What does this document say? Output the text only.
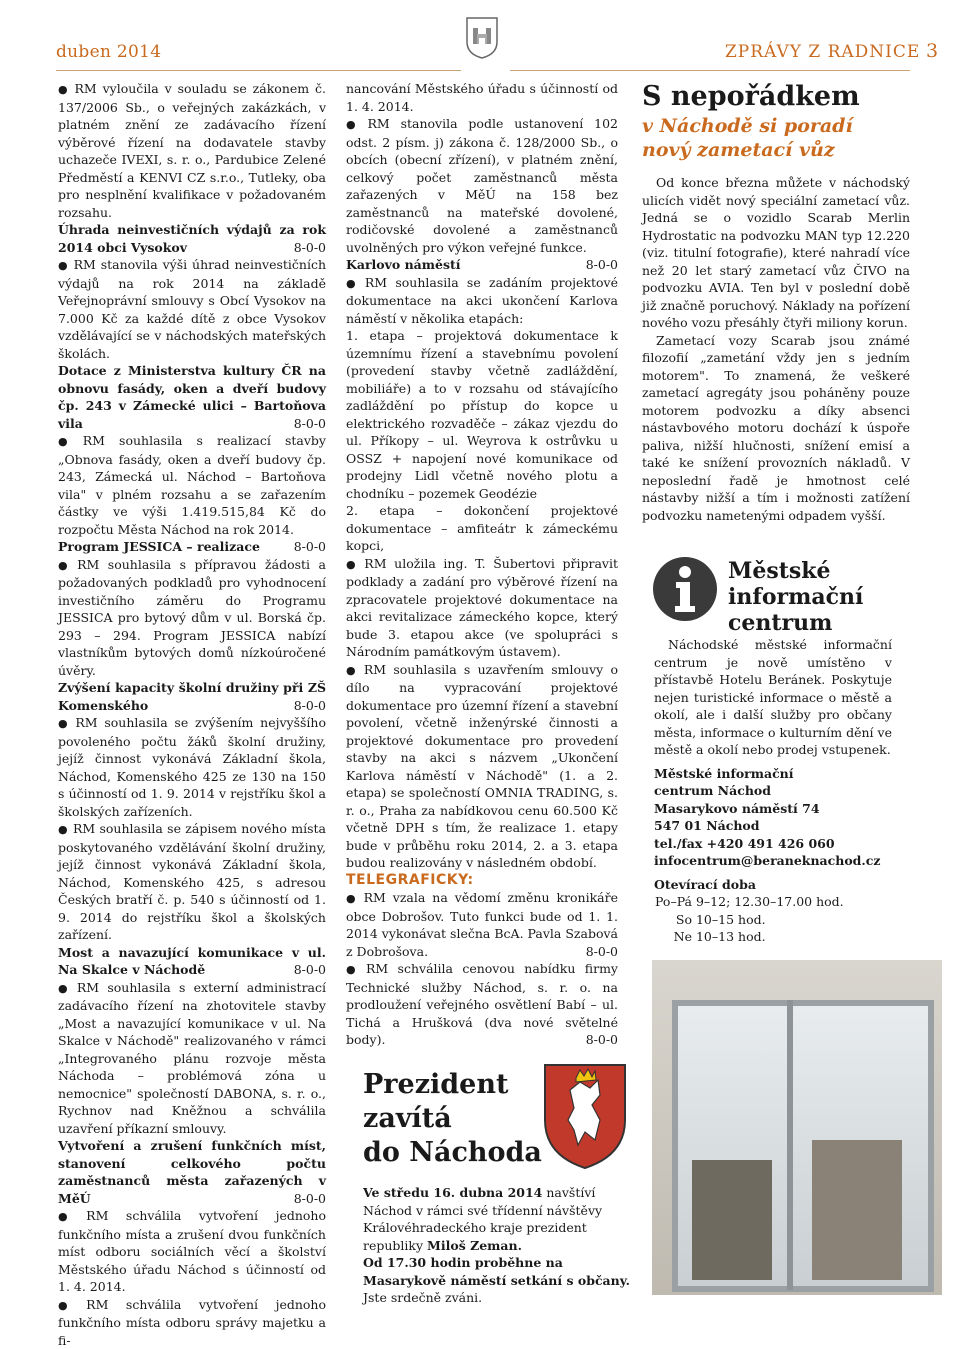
duben 2014	ZPRÁVY Z RADNICE 3

● RM vyloučila v souladu se zákonem č. 137/2006 Sb., o veřejných zakázkách, v platném znění ze zadávacího řízení výběrové řízení na dodavatele stavby uchazeče IVEXI, s. r. o., Pardubice Zelené Předměstí a KENVI CZ s.r.o., Tutleky, oba pro nesplnění kvalifikace v požadovaném rozsahu.

Úhrada neinvestičních výdajů za rok 2014 obci Vysokov	8-0-0

● RM stanovila výši úhrad neinvestičních výdajů na rok 2014 na základě Veřejnoprávní smlouvy s Obcí Vysokov na 7.000 Kč za každé dítě z obce Vysokov vzdělávající se v náchodských mateřských školách.

Dotace z Ministerstva kultury ČR na obnovu fasády, oken a dveří budovy čp. 243 v Zámecké ulici – Bartoňova vila	8-0-0

● RM souhlasila s realizací stavby „Obnova fasády, oken a dveří budovy čp. 243, Zámecká ul. Náchod – Bartoňova vila" v plném rozsahu a se zařazením částky ve výši 1.419.515,84 Kč do rozpočtu Města Náchod na rok 2014.

Program JESSICA – realizace	8-0-0

● RM souhlasila s přípravou žádosti a požadovaných podkladů pro vyhodnocení investičního záměru do Programu JESSICA pro bytový dům v ul. Borská čp. 293 – 294. Program JESSICA nabízí vlastníkům bytových domů nízkoúročené úvěry.

Zvýšení kapacity školní družiny při ZŠ Komenského	8-0-0

● RM souhlasila se zvýšením nejvyššího povoleného počtu žáků školní družiny, jejíž činnost vykonává Základní škola, Náchod, Komenského 425 ze 130 na 150 s účinností od 1. 9. 2014 v rejstříku škol a školských zařízeních.

● RM souhlasila se zápisem nového místa poskytovaného vzdělávání školní družiny, jejíž činnost vykonává Základní škola, Náchod, Komenského 425, s adresou Českých bratří č. p. 540 s účinností od 1. 9. 2014 do rejstříku škol a školských zařízení.

Most a navazující komunikace v ul. Na Skalce v Náchodě	8-0-0

● RM souhlasila s externí administrací zadávacího řízení na zhotovitele stavby „Most a navazující komunikace v ul. Na Skalce v Náchodě" realizovaného v rámci „Integrovaného plánu rozvoje města Náchoda – problémová zóna u nemocnice" společností DABONA, s. r. o., Rychnov nad Kněžnou a schválila uzavření příkazní smlouvy.

Vytvoření a zrušení funkčních míst, stanovení celkového počtu zaměstnanců města zařazených v MěÚ	8-0-0

● RM schválila vytvoření jednoho funkčního místa a zrušení dvou funkčních míst odboru sociálních věcí a školství Městského úřadu Náchod s účinností od 1. 4. 2014.

● RM schválila vytvoření jednoho funkčního místa odboru správy majetku a fi-

nancování Městského úřadu s účinností od 1. 4. 2014.

● RM stanovila podle ustanovení 102 odst. 2 písm. j) zákona č. 128/2000 Sb., o obcích (obecní zřízení), v platném znění, celkový počet zaměstnanců města zařazených v MěÚ na 158 bez zaměstnanců na mateřské dovolené, rodičovské dovolené a zaměstnanců uvolněných pro výkon veřejné funkce.

Karlovo náměstí	8-0-0

● RM souhlasila se zadáním projektové dokumentace na akci ukončení Karlova náměstí v několika etapách:

1. etapa – projektová dokumentace k územnímu řízení a stavebnímu povolení (provedení stavby včetně zadláždění, mobiliáře) a to v rozsahu od stávajícího zadláždění po přístup do kopce u elektrického rozvaděče – zákaz vjezdu do ul. Příkopy – ul. Weyrova k ostrůvku u OSSZ + napojení nové komunikace od prodejny Lidl včetně nového plotu a chodníku – pozemek Geodézie

2. etapa – dokončení projektové dokumentace – amfiteátr k zámeckému kopci,

● RM uložila ing. T. Šubertovi připravit podklady a zadání pro výběrové řízení na zpracovatele projektové dokumentace na akci revitalizace zámeckého kopce, který bude 3. etapou akce (ve spolupráci s Národním památkovým ústavem).

● RM souhlasila s uzavřením smlouvy o dílo na vypracování projektové dokumentace pro územní řízení a stavební povolení, včetně inženýrské činnosti a projektové dokumentace pro provedení stavby na akci s názvem „Ukončení Karlova náměstí v Náchodě" (1. a 2. etapa) se společností OMNIA TRADING, s. r. o., Praha za nabídkovou cenu 60.500 Kč včetně DPH s tím, že realizace 1. etapy bude v průběhu roku 2014, 2. a 3. etapa budou realizovány v následném období.

TELEGRAFICKY:

● RM vzala na vědomí změnu kronikáře obce Dobrošov. Tuto funkci bude od 1. 1. 2014 vykonávat slečna BcA. Pavla Szabová z Dobrošova.	8-0-0

● RM schválila cenovou nabídku firmy Technické služby Náchod, s. r. o. na prodloužení veřejného osvětlení Babí – ul. Tichá a Hrušková (dva nové světelné body).	8-0-0

Prezident
zavítá
do Náchoda

Ve středu 16. dubna 2014 navštíví Náchod v rámci své třídenní návštěvy Královéhradeckého kraje prezident republiky Miloš Zeman.

Od 17.30 hodin proběhne na Masarykově náměstí setkání s občany.

Jste srdečně zváni.

S nepořádkem
v Náchodě si poradí
nový zametací vůz

Od konce března můžete v náchodský ulicích vidět nový speciální zametací vůz. Jedná se o vozidlo Scarab Merlin Hydrostatic na podvozku MAN typ 12.220 (viz. titulní fotografie), které nahradí více než 20 let starý zametací vůz ČIVO na podvozku AVIA. Ten byl v poslední době již značně poruchový. Náklady na pořízení nového vozu přesáhly čtyři miliony korun.

Zametací vozy Scarab jsou známé filozofií „zametání vždy jen s jedním motorem". To znamená, že veškeré zametací agregáty jsou poháněny pouze motorem podvozku a díky absenci nástavbového motoru dochází k úspoře paliva, nižší hlučnosti, snížení emisí a také ke snížení provozních nákladů. V neposlední řadě je hmotnost celé nástavby nižší a tím i možnosti zatížení podvozku nametenými odpadem vyšší.

Městské
informační
centrum

Náchodské městské informační centrum je nově umístěno v přístavbě Hotelu Beránek. Poskytuje nejen turistické informace o městě a okolí, ale i další služby pro občany města, informace o kulturním dění ve městě a okolí nebo prodej vstupenek.

Městské informační
centrum Náchod
Masarykovo náměstí 74
547 01 Náchod
tel./fax +420 491 426 060
infocentrum@beraneknachod.cz
Otevírací doba
Po–Pá 9–12; 12.30–17.00 hod.
So 10–15 hod.
Ne 10–13 hod.
